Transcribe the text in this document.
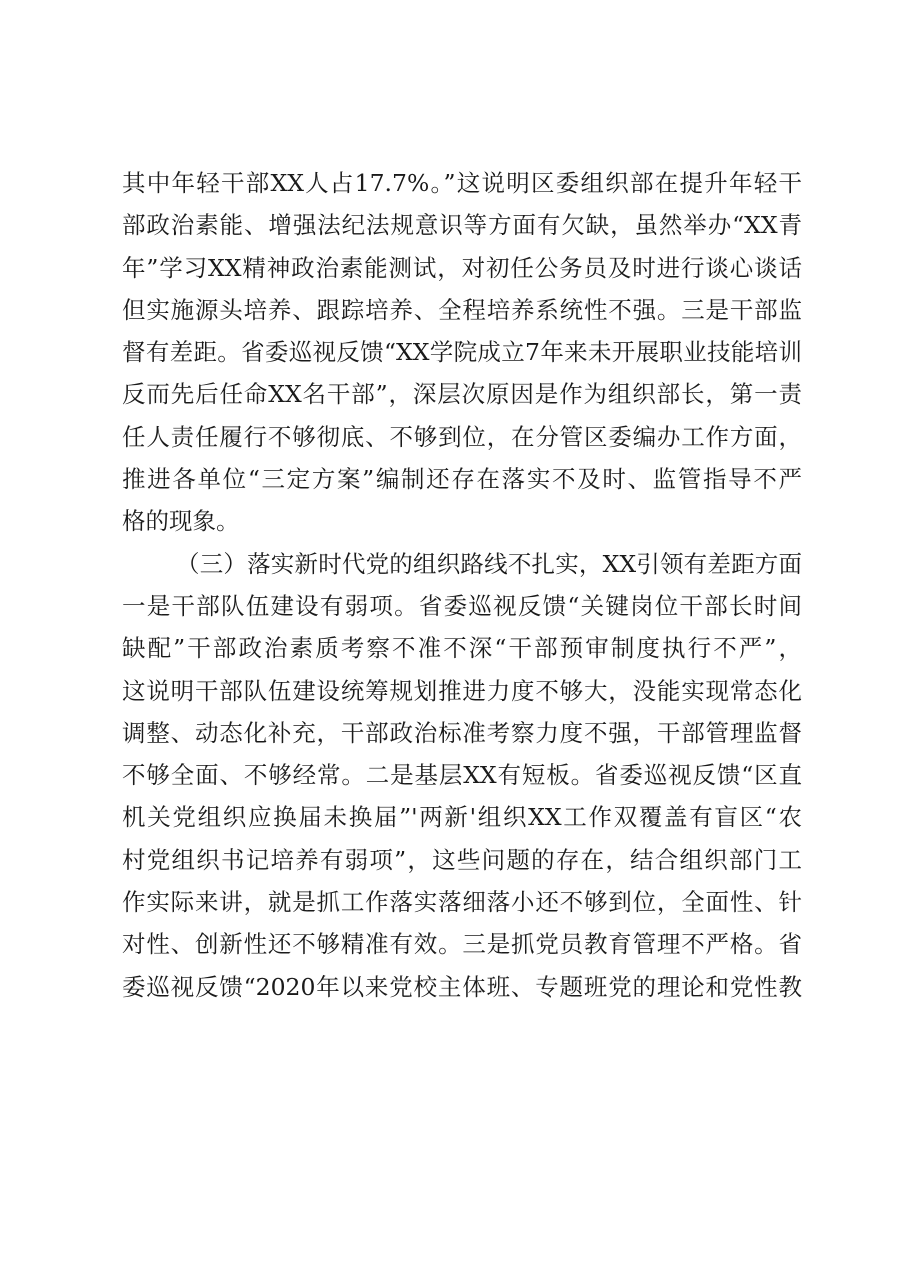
其中年轻干部XX人占17.7%。”这说明区委组织部在提升年轻干
部政治素能、增强法纪法规意识等方面有欠缺，虽然举办“XX青
年”学习XX精神政治素能测试，对初任公务员及时进行谈心谈话
但实施源头培养、跟踪培养、全程培养系统性不强。三是干部监
督有差距。省委巡视反馈“XX学院成立7年来未开展职业技能培训
反而先后任命XX名干部”，深层次原因是作为组织部长，第一责
任人责任履行不够彻底、不够到位，在分管区委编办工作方面，
推进各单位“三定方案”编制还存在落实不及时、监管指导不严
格的现象。
（三）落实新时代党的组织路线不扎实，XX引领有差距方面
一是干部队伍建设有弱项。省委巡视反馈“关键岗位干部长时间
缺配”干部政治素质考察不准不深“干部预审制度执行不严”，
这说明干部队伍建设统筹规划推进力度不够大，没能实现常态化
调整、动态化补充，干部政治标准考察力度不强，干部管理监督
不够全面、不够经常。二是基层XX有短板。省委巡视反馈“区直
机关党组织应换届未换届”'两新'组织XX工作双覆盖有盲区“农
村党组织书记培养有弱项”，这些问题的存在，结合组织部门工
作实际来讲，就是抓工作落实落细落小还不够到位，全面性、针
对性、创新性还不够精准有效。三是抓党员教育管理不严格。省
委巡视反馈“2020年以来党校主体班、专题班党的理论和党性教
